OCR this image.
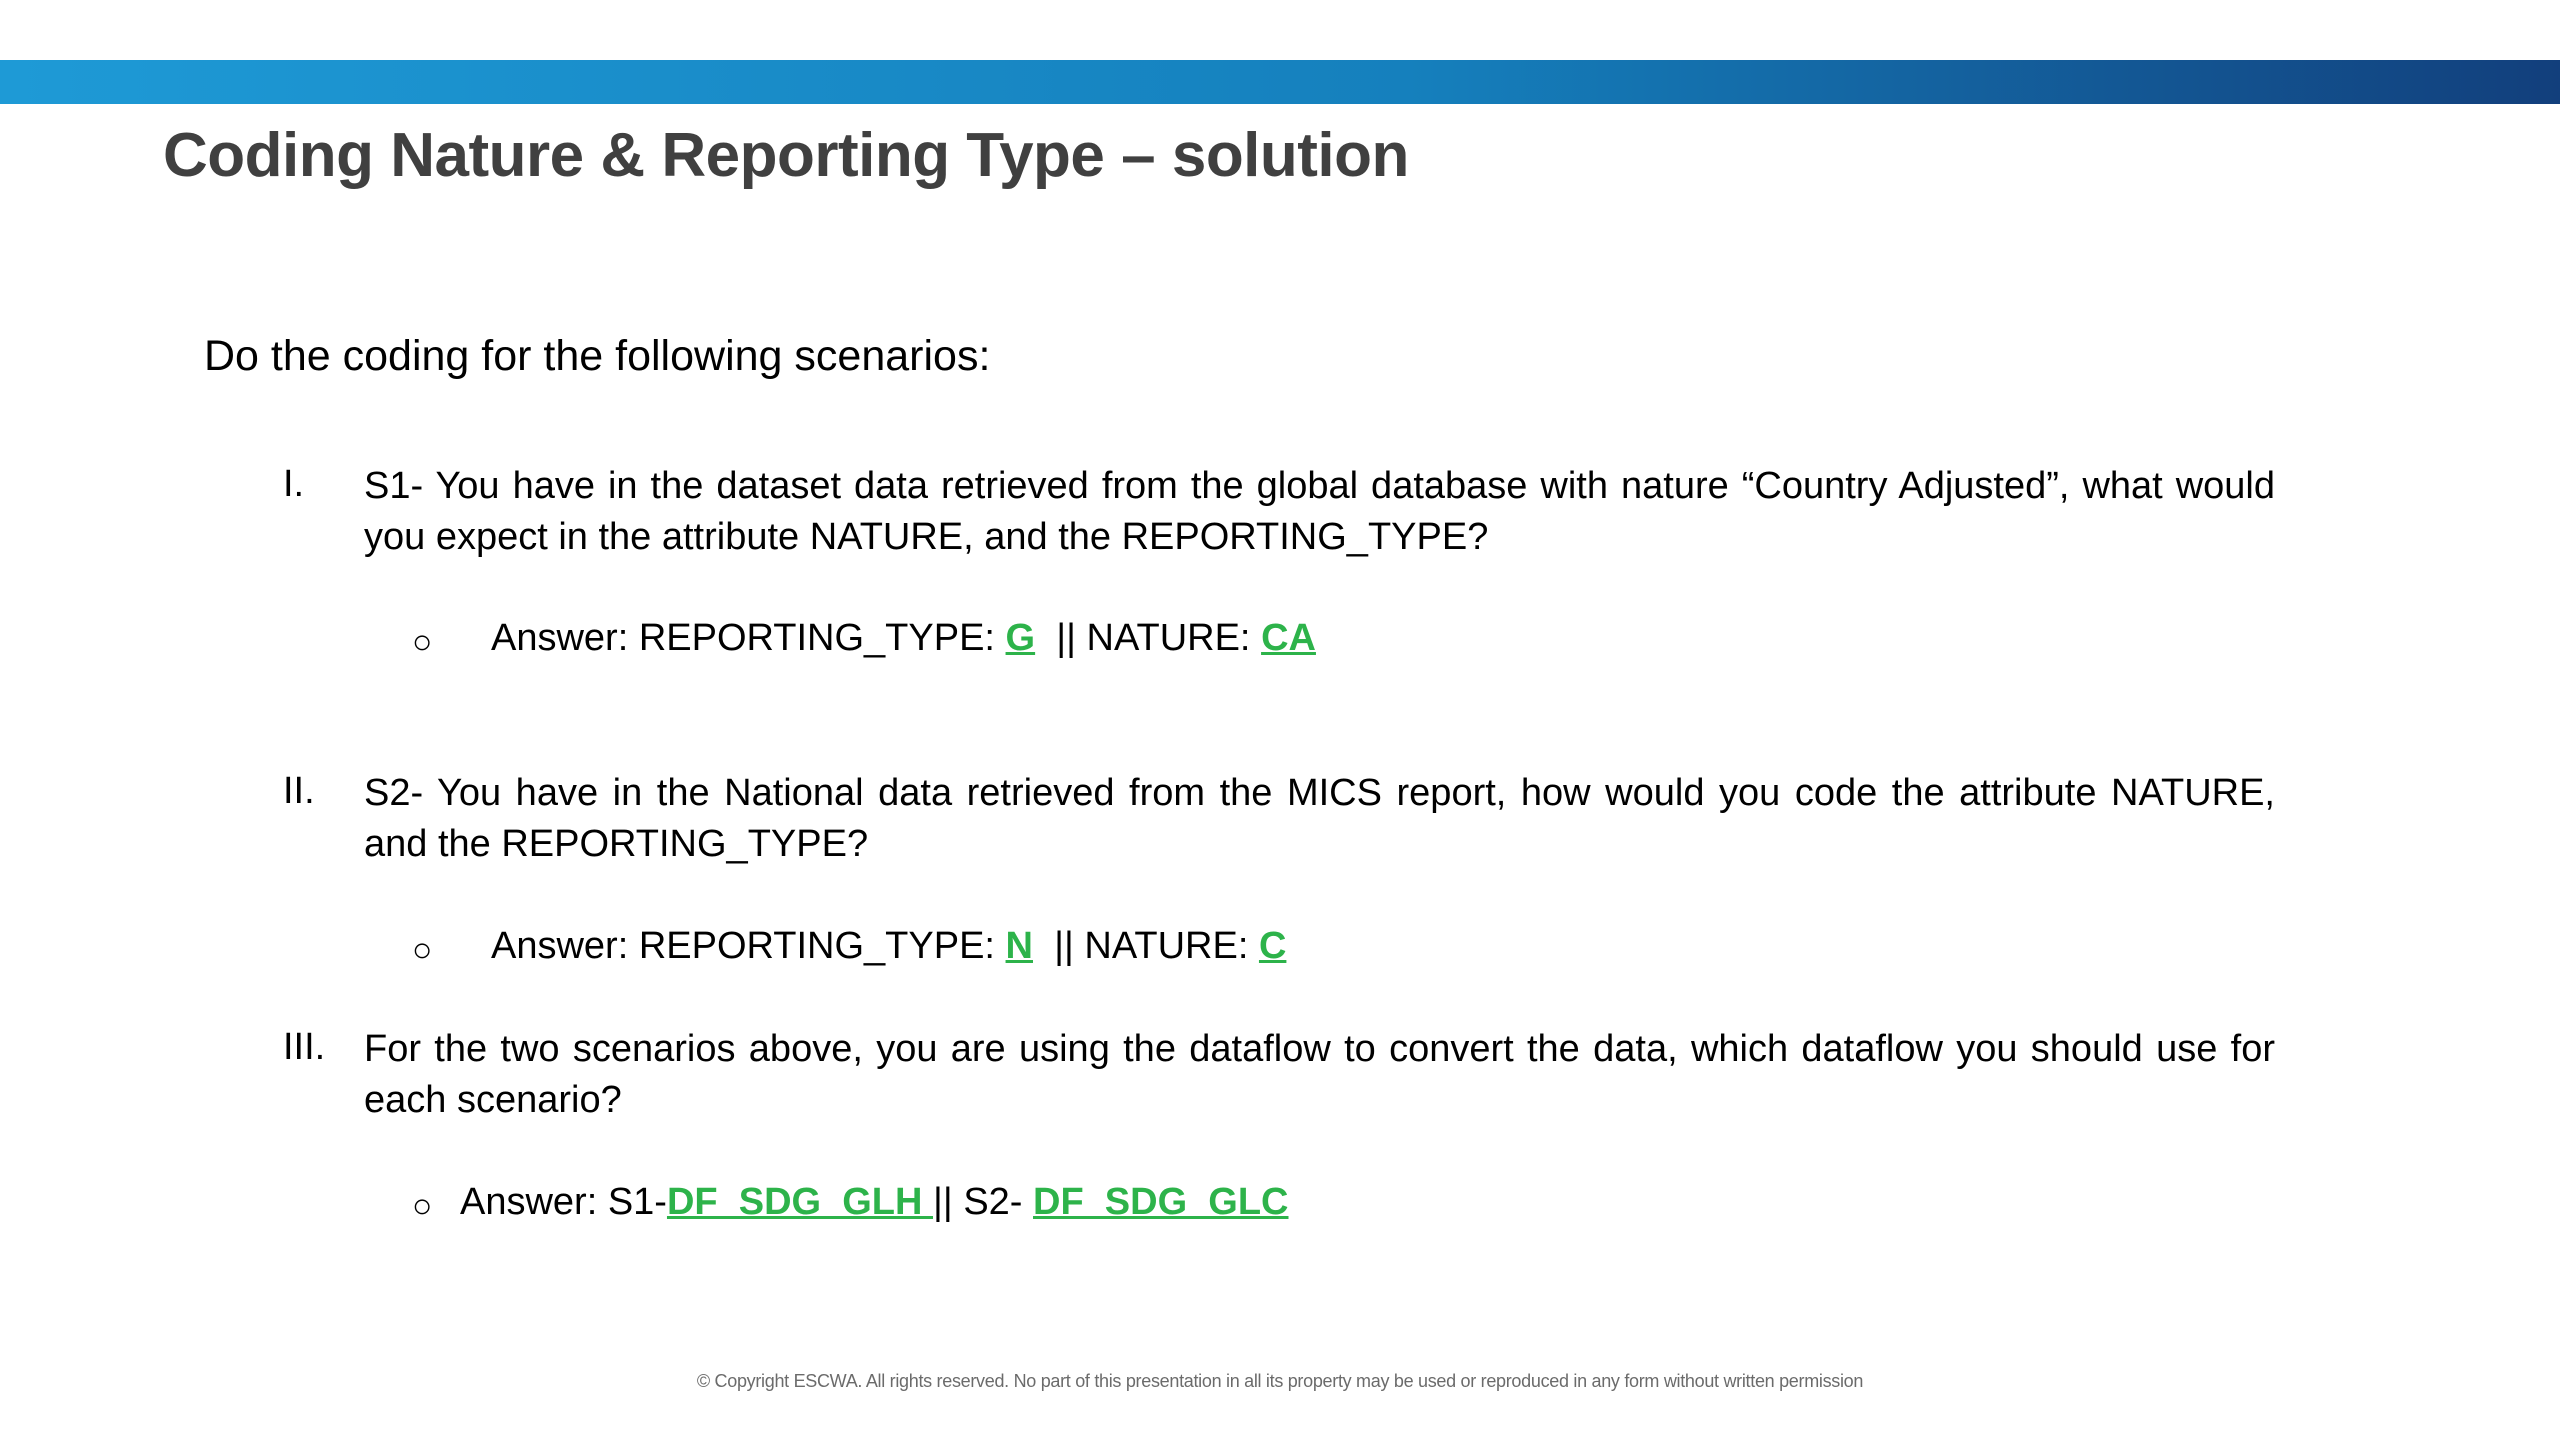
Coding Nature & Reporting Type – solution
Do the coding for the following scenarios:
I. S1- You have in the dataset data retrieved from the global database with nature “Country Adjusted”, what would you expect in the attribute NATURE, and the REPORTING_TYPE?
○ Answer: REPORTING_TYPE: G  || NATURE: CA
II. S2- You have in the National data retrieved from the MICS report, how would you code the attribute NATURE, and the REPORTING_TYPE?
○ Answer: REPORTING_TYPE: N  || NATURE: C
III. For the two scenarios above, you are using the dataflow to convert the data, which dataflow you should use for each scenario?
○ Answer: S1-DF_SDG_GLH || S2- DF_SDG_GLC
© Copyright ESCWA. All rights reserved. No part of this presentation in all its property may be used or reproduced in any form without written permission
